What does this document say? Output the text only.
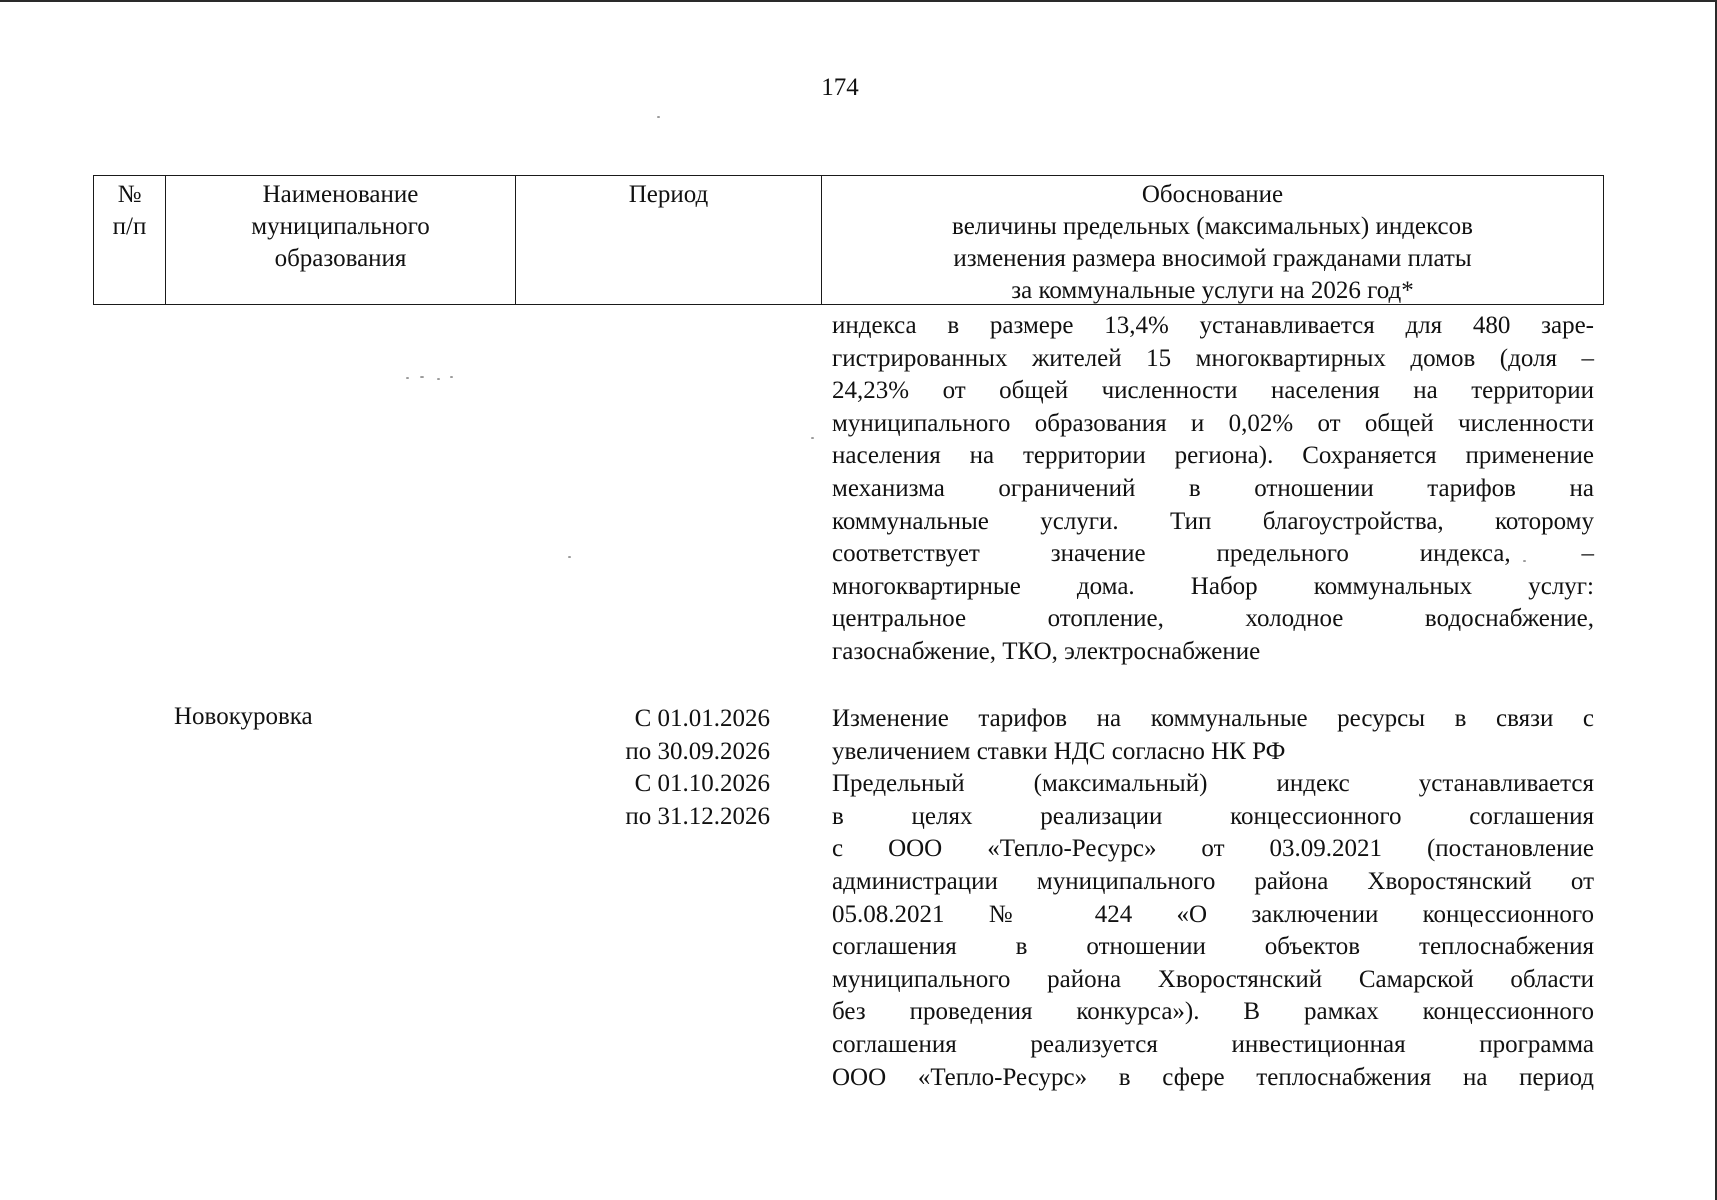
174
№
п/п
Наименование
муниципального
образования
Период	Обоснование
величины предельных (максимальных) индексов
изменения размера вносимой гражданами платы
за коммунальные услуги на 2026 год*
индекса в размере 13,4% устанавливается для 480 заре-
гистрированных жителей 15 многоквартирных домов (доля –
24,23% от общей численности населения на территории
муниципального образования и 0,02% от общей численности
населения на территории региона). Сохраняется применение
механизма ограничений в отношении тарифов на
коммунальные услуги. Тип благоустройства, которому
соответствует значение предельного индекса, –
многоквартирные дома. Набор коммунальных услуг:
центральное отопление, холодное водоснабжение,
газоснабжение, ТКО, электроснабжение
Новокуровка	С 01.01.2026
по 30.09.2026
С 01.10.2026
по 31.12.2026
Изменение тарифов на коммунальные ресурсы в связи с
увеличением ставки НДС согласно НК РФ
Предельный (максимальный) индекс устанавливается
в целях реализации концессионного соглашения
с ООО «Тепло-Ресурс» от 03.09.2021 (постановление
администрации муниципального района Хворостянский от
05.08.2021 № 424 «О заключении концессионного
соглашения в отношении объектов теплоснабжения
муниципального района Хворостянский Самарской области
без проведения конкурса»). В рамках концессионного
соглашения реализуется инвестиционная программа
ООО «Тепло-Ресурс» в сфере теплоснабжения на период
